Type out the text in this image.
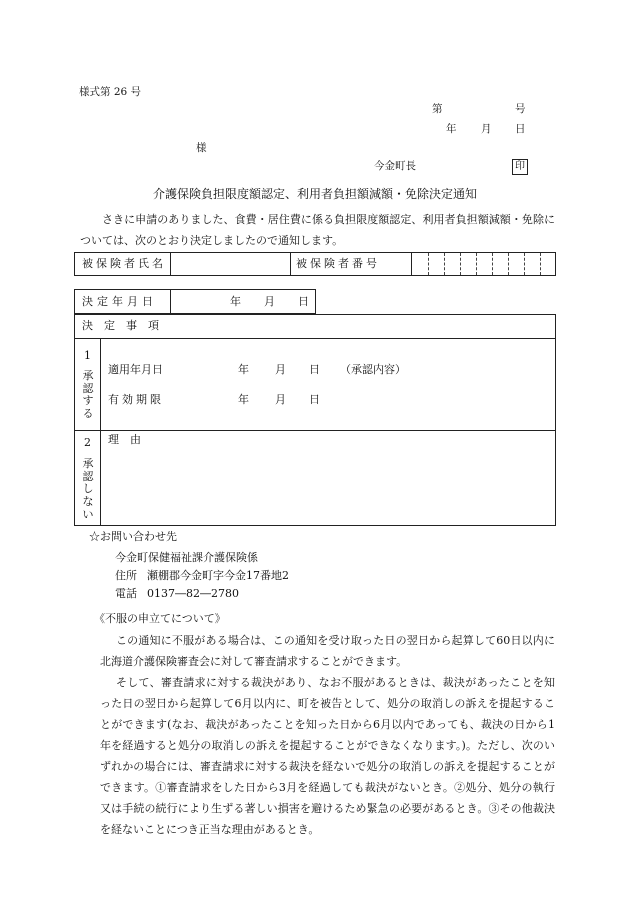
様式第 26 号
第	号
年 月 日
様
今金町長	印
介護保険負担限度額認定、利用者負担額減額・免除決定通知
さきに申請のありました、食費・居住費に係る負担限度額認定、利用者負担額減額・免除については、次のとおり決定しましたので通知します。
被保険者氏名	被保険者番号
決定年月日	年 月 日
決　定　事　項
1
承認する
適用年月日	年 月 日 （承認内容）
有効期限	年 月 日
2
承認しない
理　由
☆お問い合わせ先
今金町保健福祉課介護保険係
住所 瀬棚郡今金町字今金17番地2
電話 0137―82―2780
《不服の申立てについて》
この通知に不服がある場合は、この通知を受け取った日の翌日から起算して60日以内に北海道介護保険審査会に対して審査請求することができます。
そして、審査請求に対する裁決があり、なお不服があるときは、裁決があったことを知った日の翌日から起算して6月以内に、町を被告として、処分の取消しの訴えを提起することができます(なお、裁決があったことを知った日から6月以内であっても、裁決の日から1年を経過すると処分の取消しの訴えを提起することができなくなります。)。ただし、次のいずれかの場合には、審査請求に対する裁決を経ないで処分の取消しの訴えを提起することができます。①審査請求をした日から3月を経過しても裁決がないとき。②処分、処分の執行又は手続の続行により生ずる著しい損害を避けるため緊急の必要があるとき。③その他裁決を経ないことにつき正当な理由があるとき。
